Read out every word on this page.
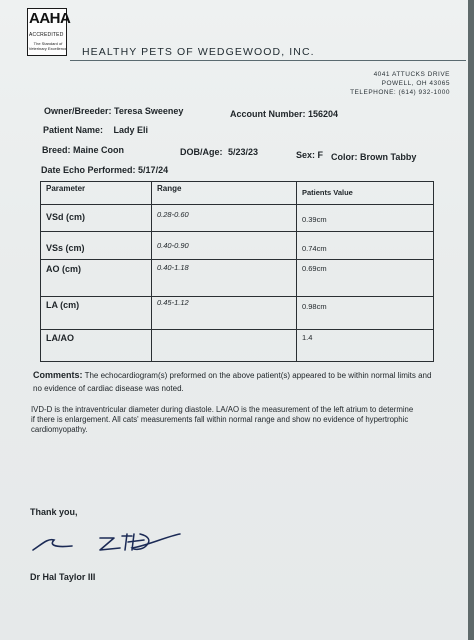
AAHA
ACCREDITED
The Standard of
Veterinary Excellence HEALTHY PETS OF WEDGEWOOD, INC.
4041 ATTUCKS DRIVE
POWELL, OH 43065
TELEPHONE: (614) 932-1000
Owner/Breeder: Teresa Sweeney	Account Number: 156204
Patient Name: Lady Eli
Breed: Maine Coon	DOB/Age: 5/23/23	Sex: F Color: Brown Tabby
Date Echo Performed: 5/17/24
Parameter	Range	Patients Value
VSd (cm)	0.28-0.60	0.39cm
VSs (cm)	0.40-0.90	0.74cm
AO (cm)	0.40-1.18	0.69cm
LA (cm)	0.45-1.12	0.98cm
LA/AO		1.4
Comments: The echocardiogram(s) preformed on the above patient(s) appeared to be within normal limits and
no evidence of cardiac disease was noted.
IVD-D is the intraventricular diameter during diastole. LA/AO is the measurement of the left atrium to determine
if there is enlargement. All cats' measurements fall within normal range and show no evidence of hypertrophic
cardiomyopathy.
Thank you,
Dr Hal Taylor III
